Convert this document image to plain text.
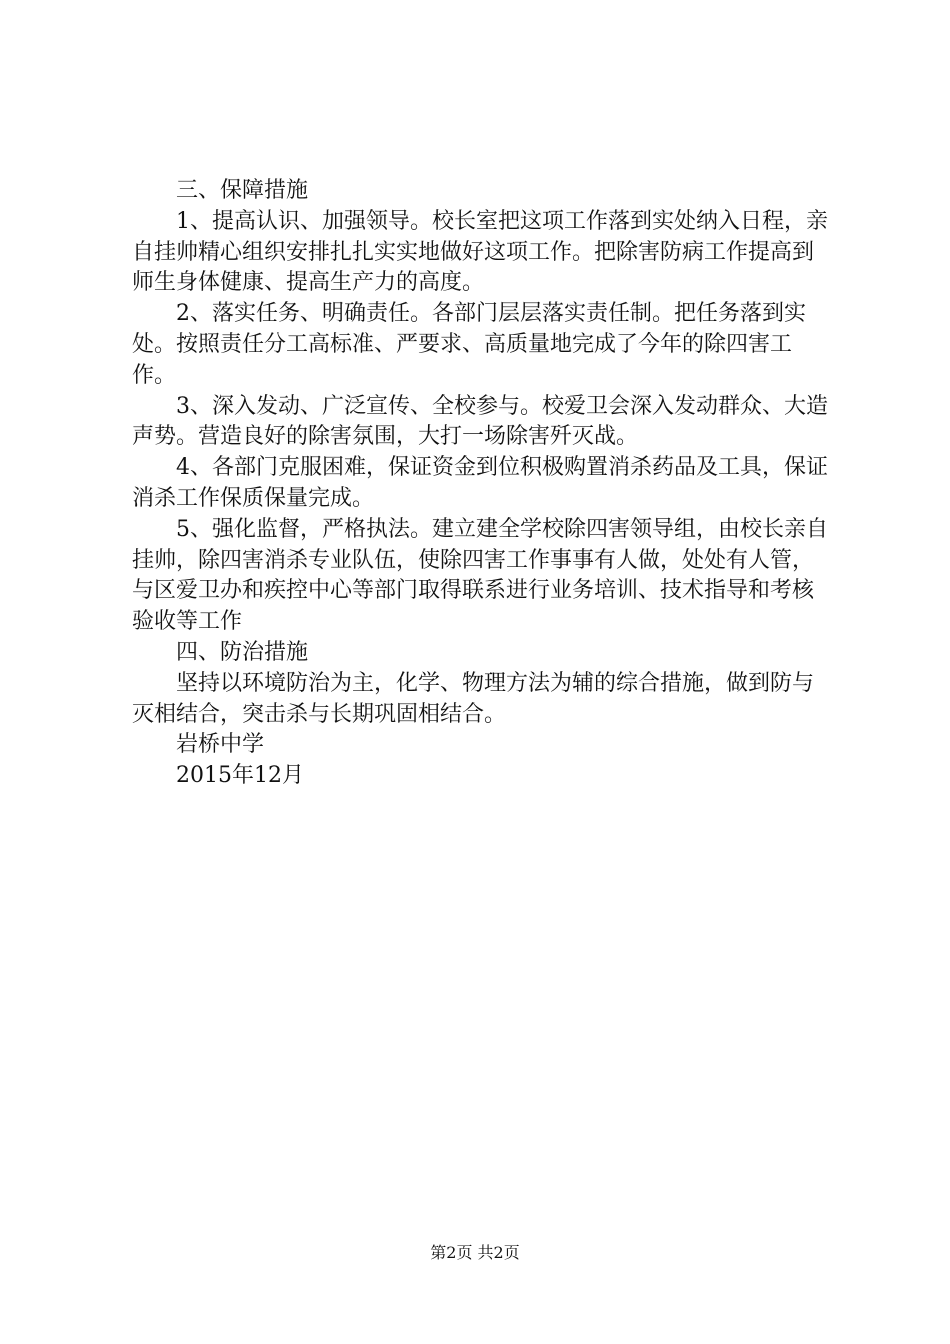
三、保障措施
1、提高认识、加强领导。校长室把这项工作落到实处纳入日程，亲自挂帅精心组织安排扎扎实实地做好这项工作。把除害防病工作提高到师生身体健康、提高生产力的高度。
2、落实任务、明确责任。各部门层层落实责任制。把任务落到实处。按照责任分工高标准、严要求、高质量地完成了今年的除四害工作。
3、深入发动、广泛宣传、全校参与。校爱卫会深入发动群众、大造声势。营造良好的除害氛围，大打一场除害歼灭战。
4、各部门克服困难，保证资金到位积极购置消杀药品及工具，保证消杀工作保质保量完成。
5、强化监督，严格执法。建立建全学校除四害领导组，由校长亲自挂帅，除四害消杀专业队伍，使除四害工作事事有人做，处处有人管，与区爱卫办和疾控中心等部门取得联系进行业务培训、技术指导和考核验收等工作
四、防治措施
坚持以环境防治为主，化学、物理方法为辅的综合措施，做到防与灭相结合，突击杀与长期巩固相结合。
岩桥中学
2015年12月
第2页 共2页
